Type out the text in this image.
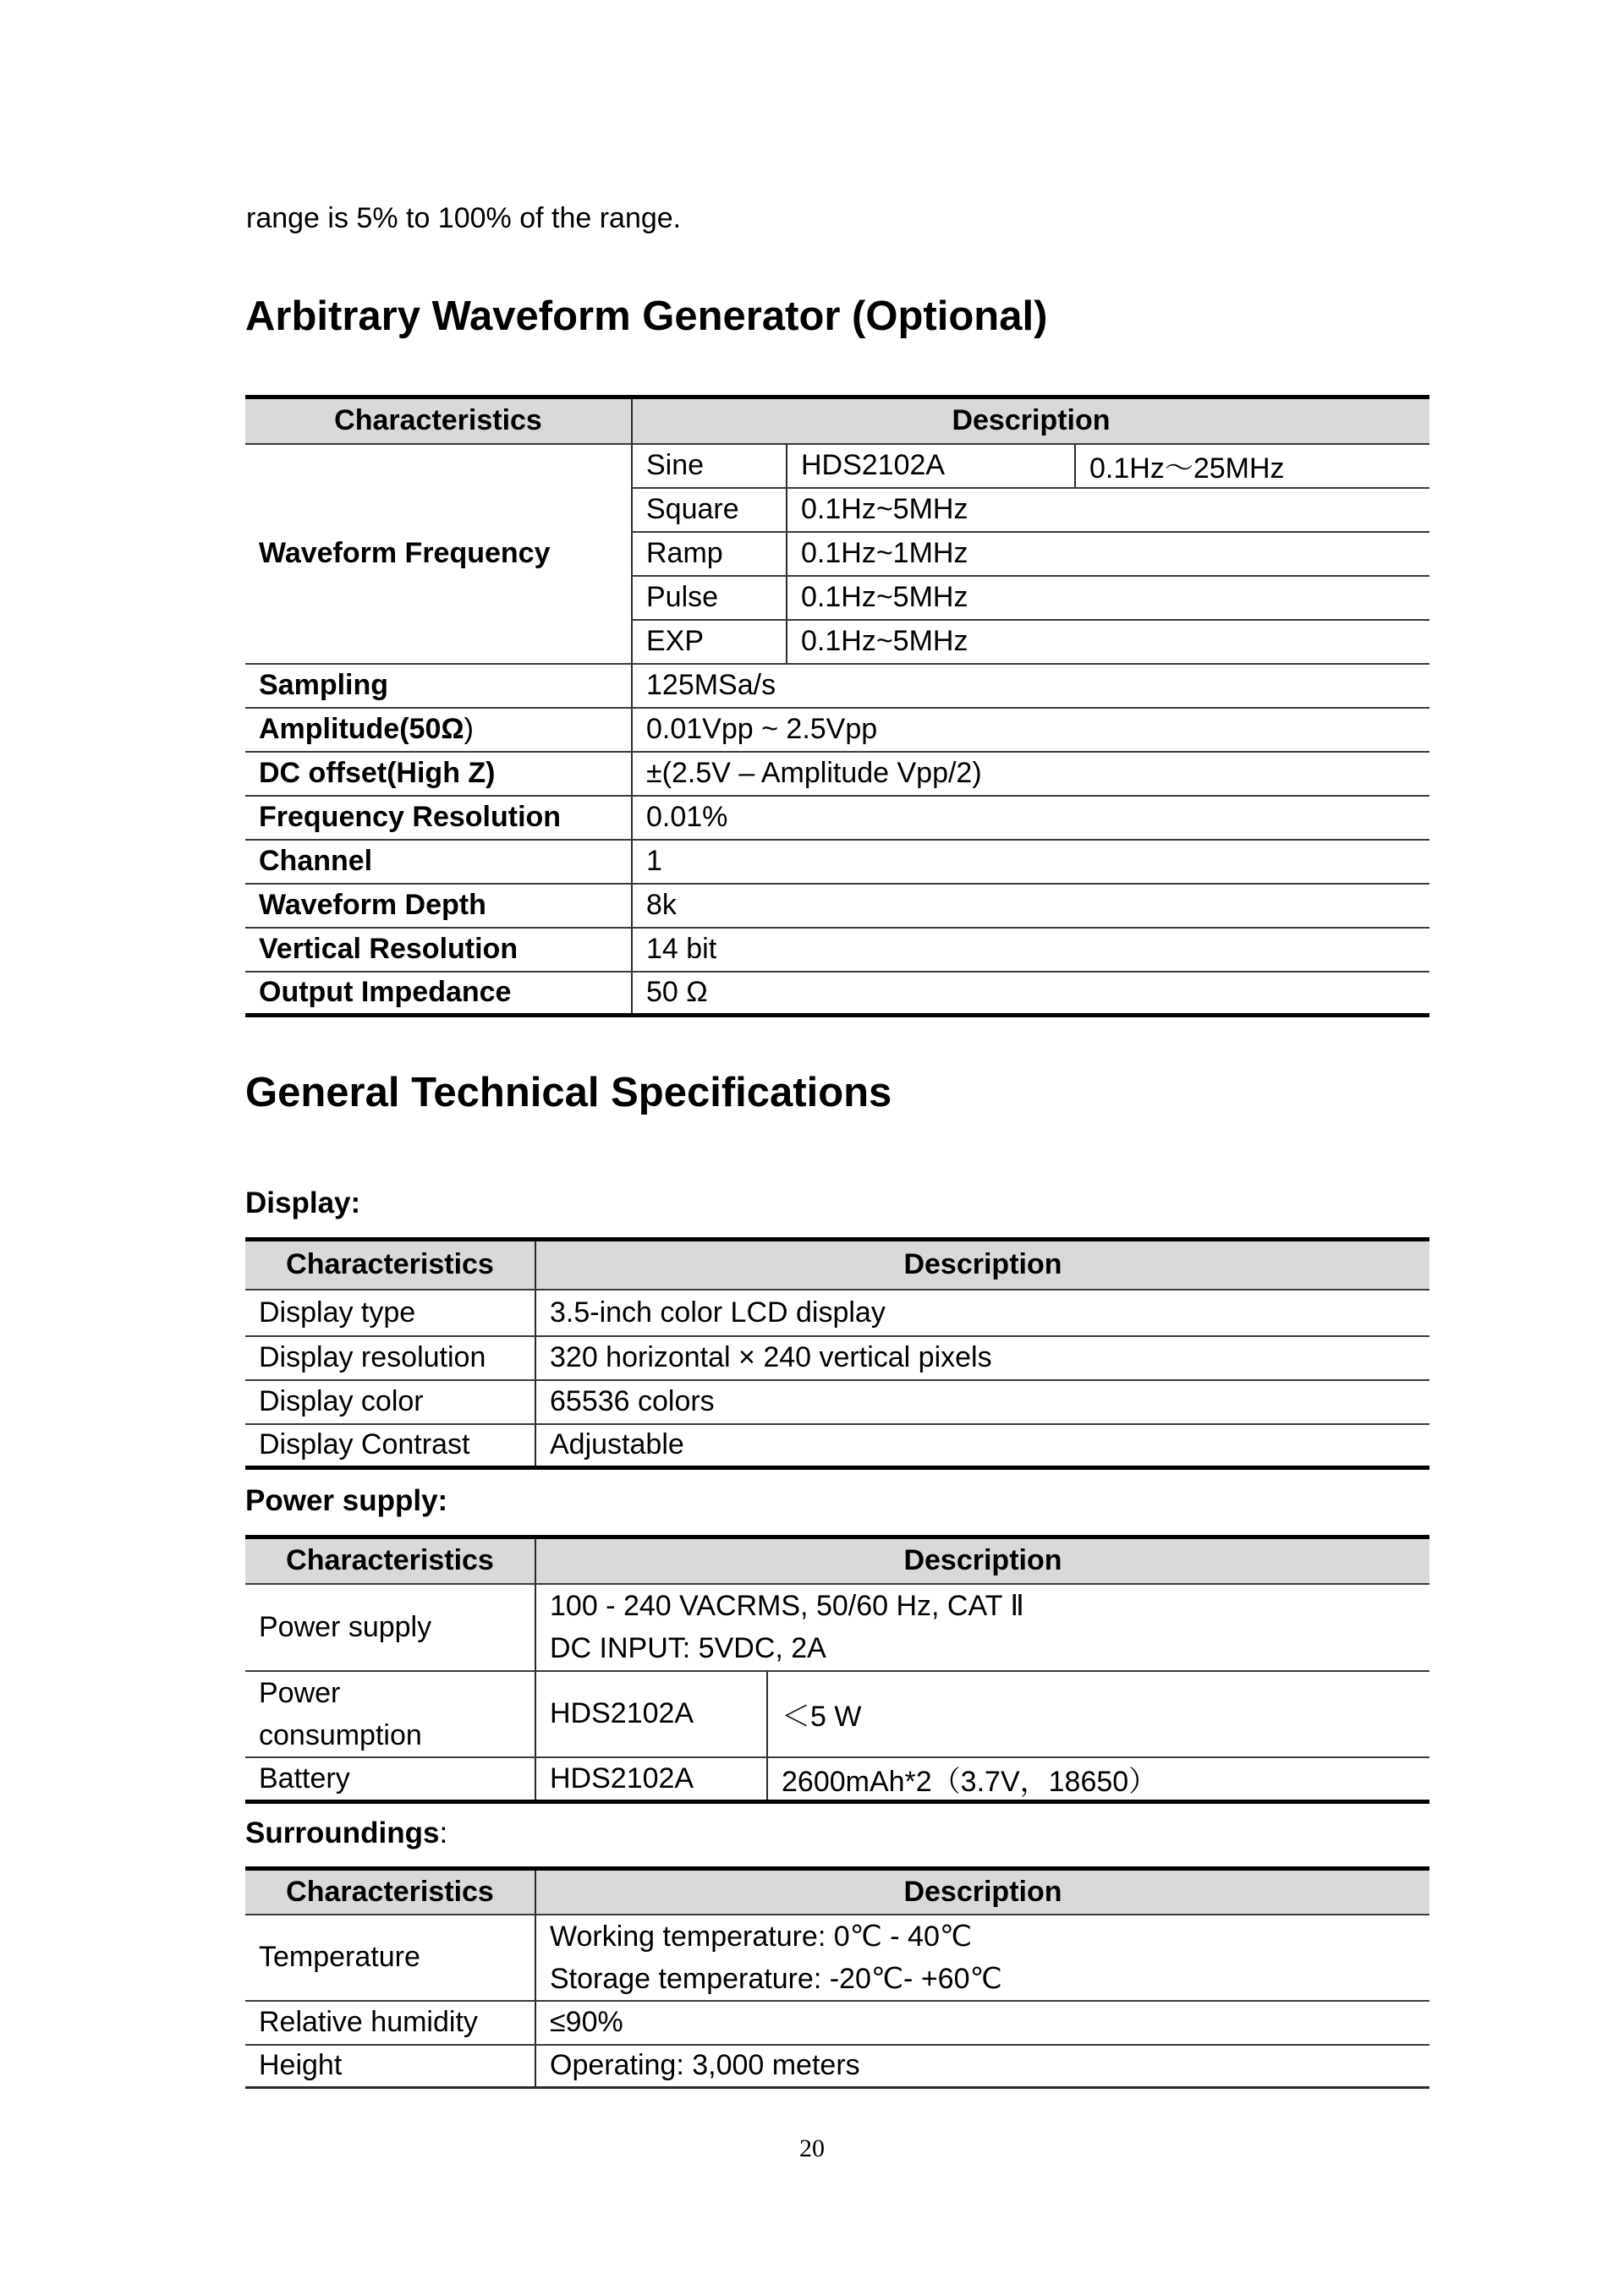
range is 5% to 100% of the range.
Arbitrary Waveform Generator (Optional)
Characteristics	Description		
Waveform Frequency	Sine	HDS2102A	0.1Hz～25MHz
	Square	0.1Hz~5MHz	
	Ramp	0.1Hz~1MHz	
	Pulse	0.1Hz~5MHz	
	EXP	0.1Hz~5MHz	
Sampling	125MSa/s		
Amplitude(50Ω)	0.01Vpp ~ 2.5Vpp		
DC offset(High Z)	±(2.5V – Amplitude Vpp/2)		
Frequency Resolution	0.01%		
Channel	1		
Waveform Depth	8k		
Vertical Resolution	14 bit		
Output Impedance	50 Ω		
General Technical Specifications
Display:
Characteristics	Description
Display type	3.5-inch color LCD display
Display resolution	320 horizontal × 240 vertical pixels
Display color	65536 colors
Display Contrast	Adjustable
Power supply:
Characteristics	Description	
Power supply	100 - 240 VACRMS, 50/60 Hz, CAT Ⅱ
DC INPUT: 5VDC, 2A	

Power
consumption	HDS2102A	＜5 W
Battery	HDS2102A	2600mAh*2（3.7V，18650）
Surroundings:
Characteristics	Description
Temperature	Working temperature: 0℃ - 40℃
Storage temperature: -20℃- +60℃

Relative humidity	≤90%
Height	Operating: 3,000 meters
20
